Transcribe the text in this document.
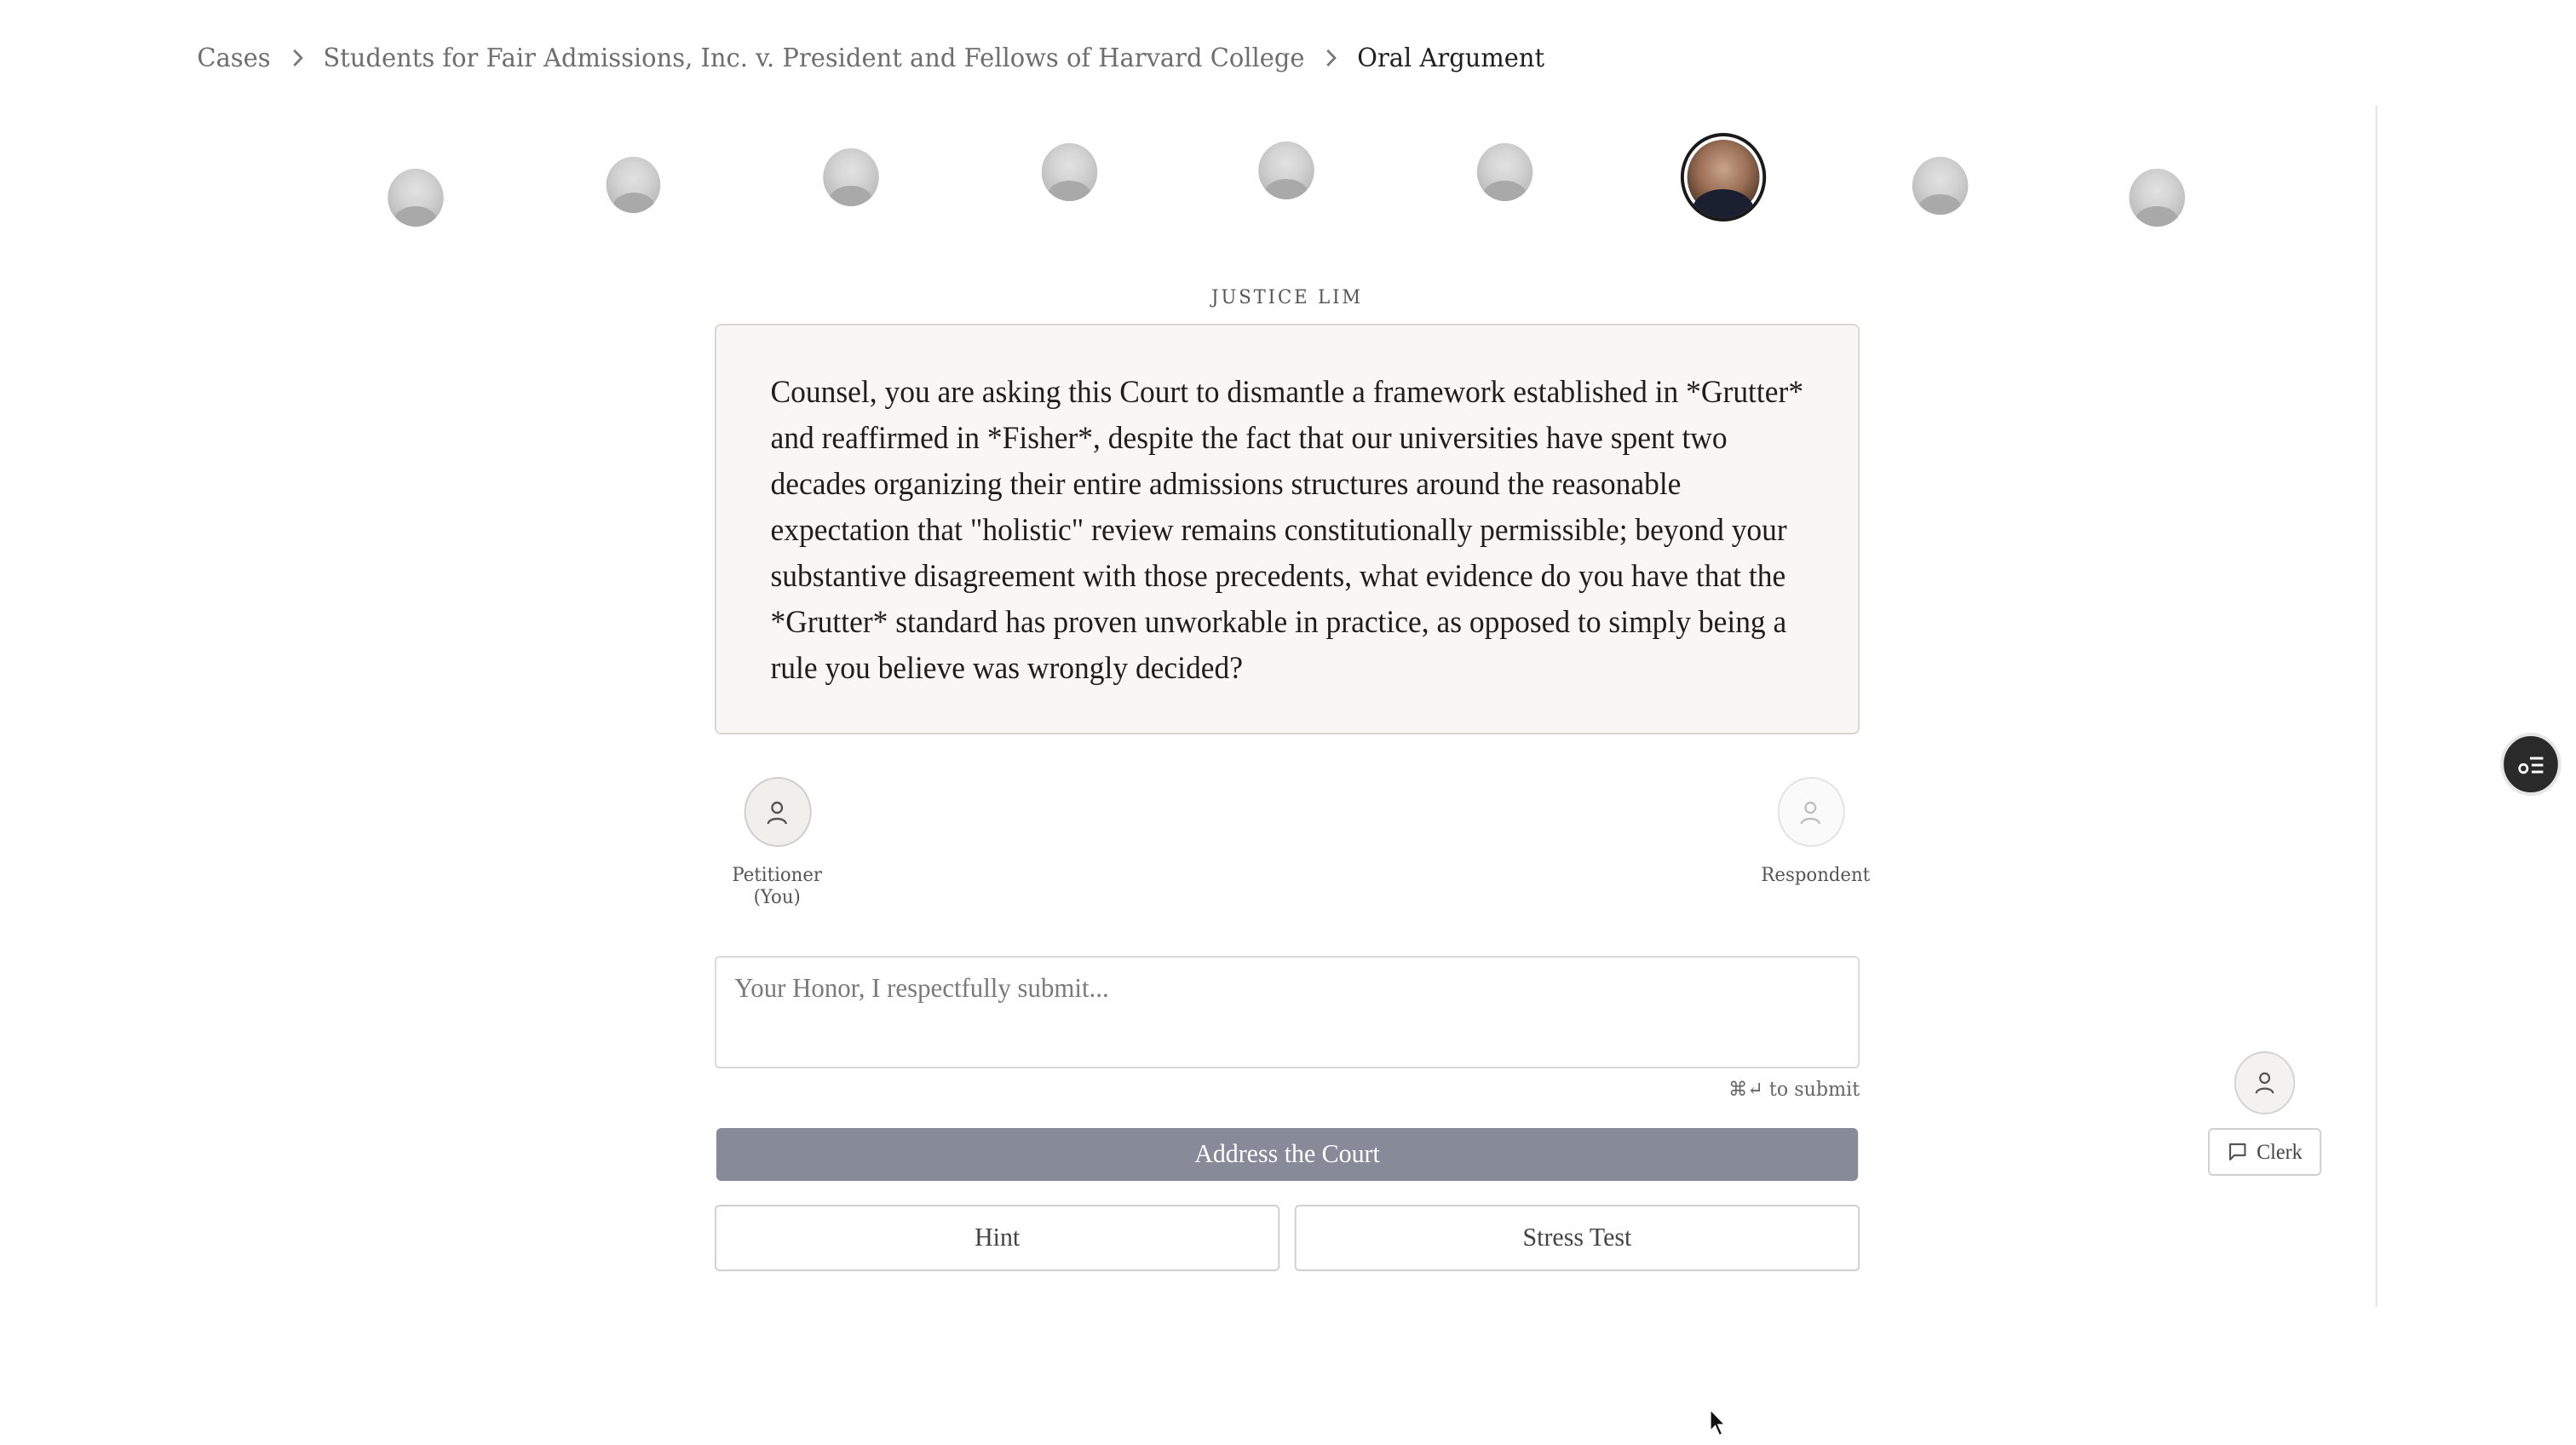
Cases	Students for Fair Admissions, Inc. v. President and Fellows of Harvard College	Oral Argument
JUSTICE LIM
Counsel, you are asking this Court to dismantle a framework established in *Grutter* and reaffirmed in *Fisher*, despite the fact that our universities have spent two decades organizing their entire admissions structures around the reasonable expectation that "holistic" review remains constitutionally permissible; beyond your substantive disagreement with those precedents, what evidence do you have that the *Grutter* standard has proven unworkable in practice, as opposed to simply being a rule you believe was wrongly decided?
Petitioner (You)
Respondent
Your Honor, I respectfully submit...
⌘↵ to submit
Address the Court
Hint	Stress Test
Clerk
